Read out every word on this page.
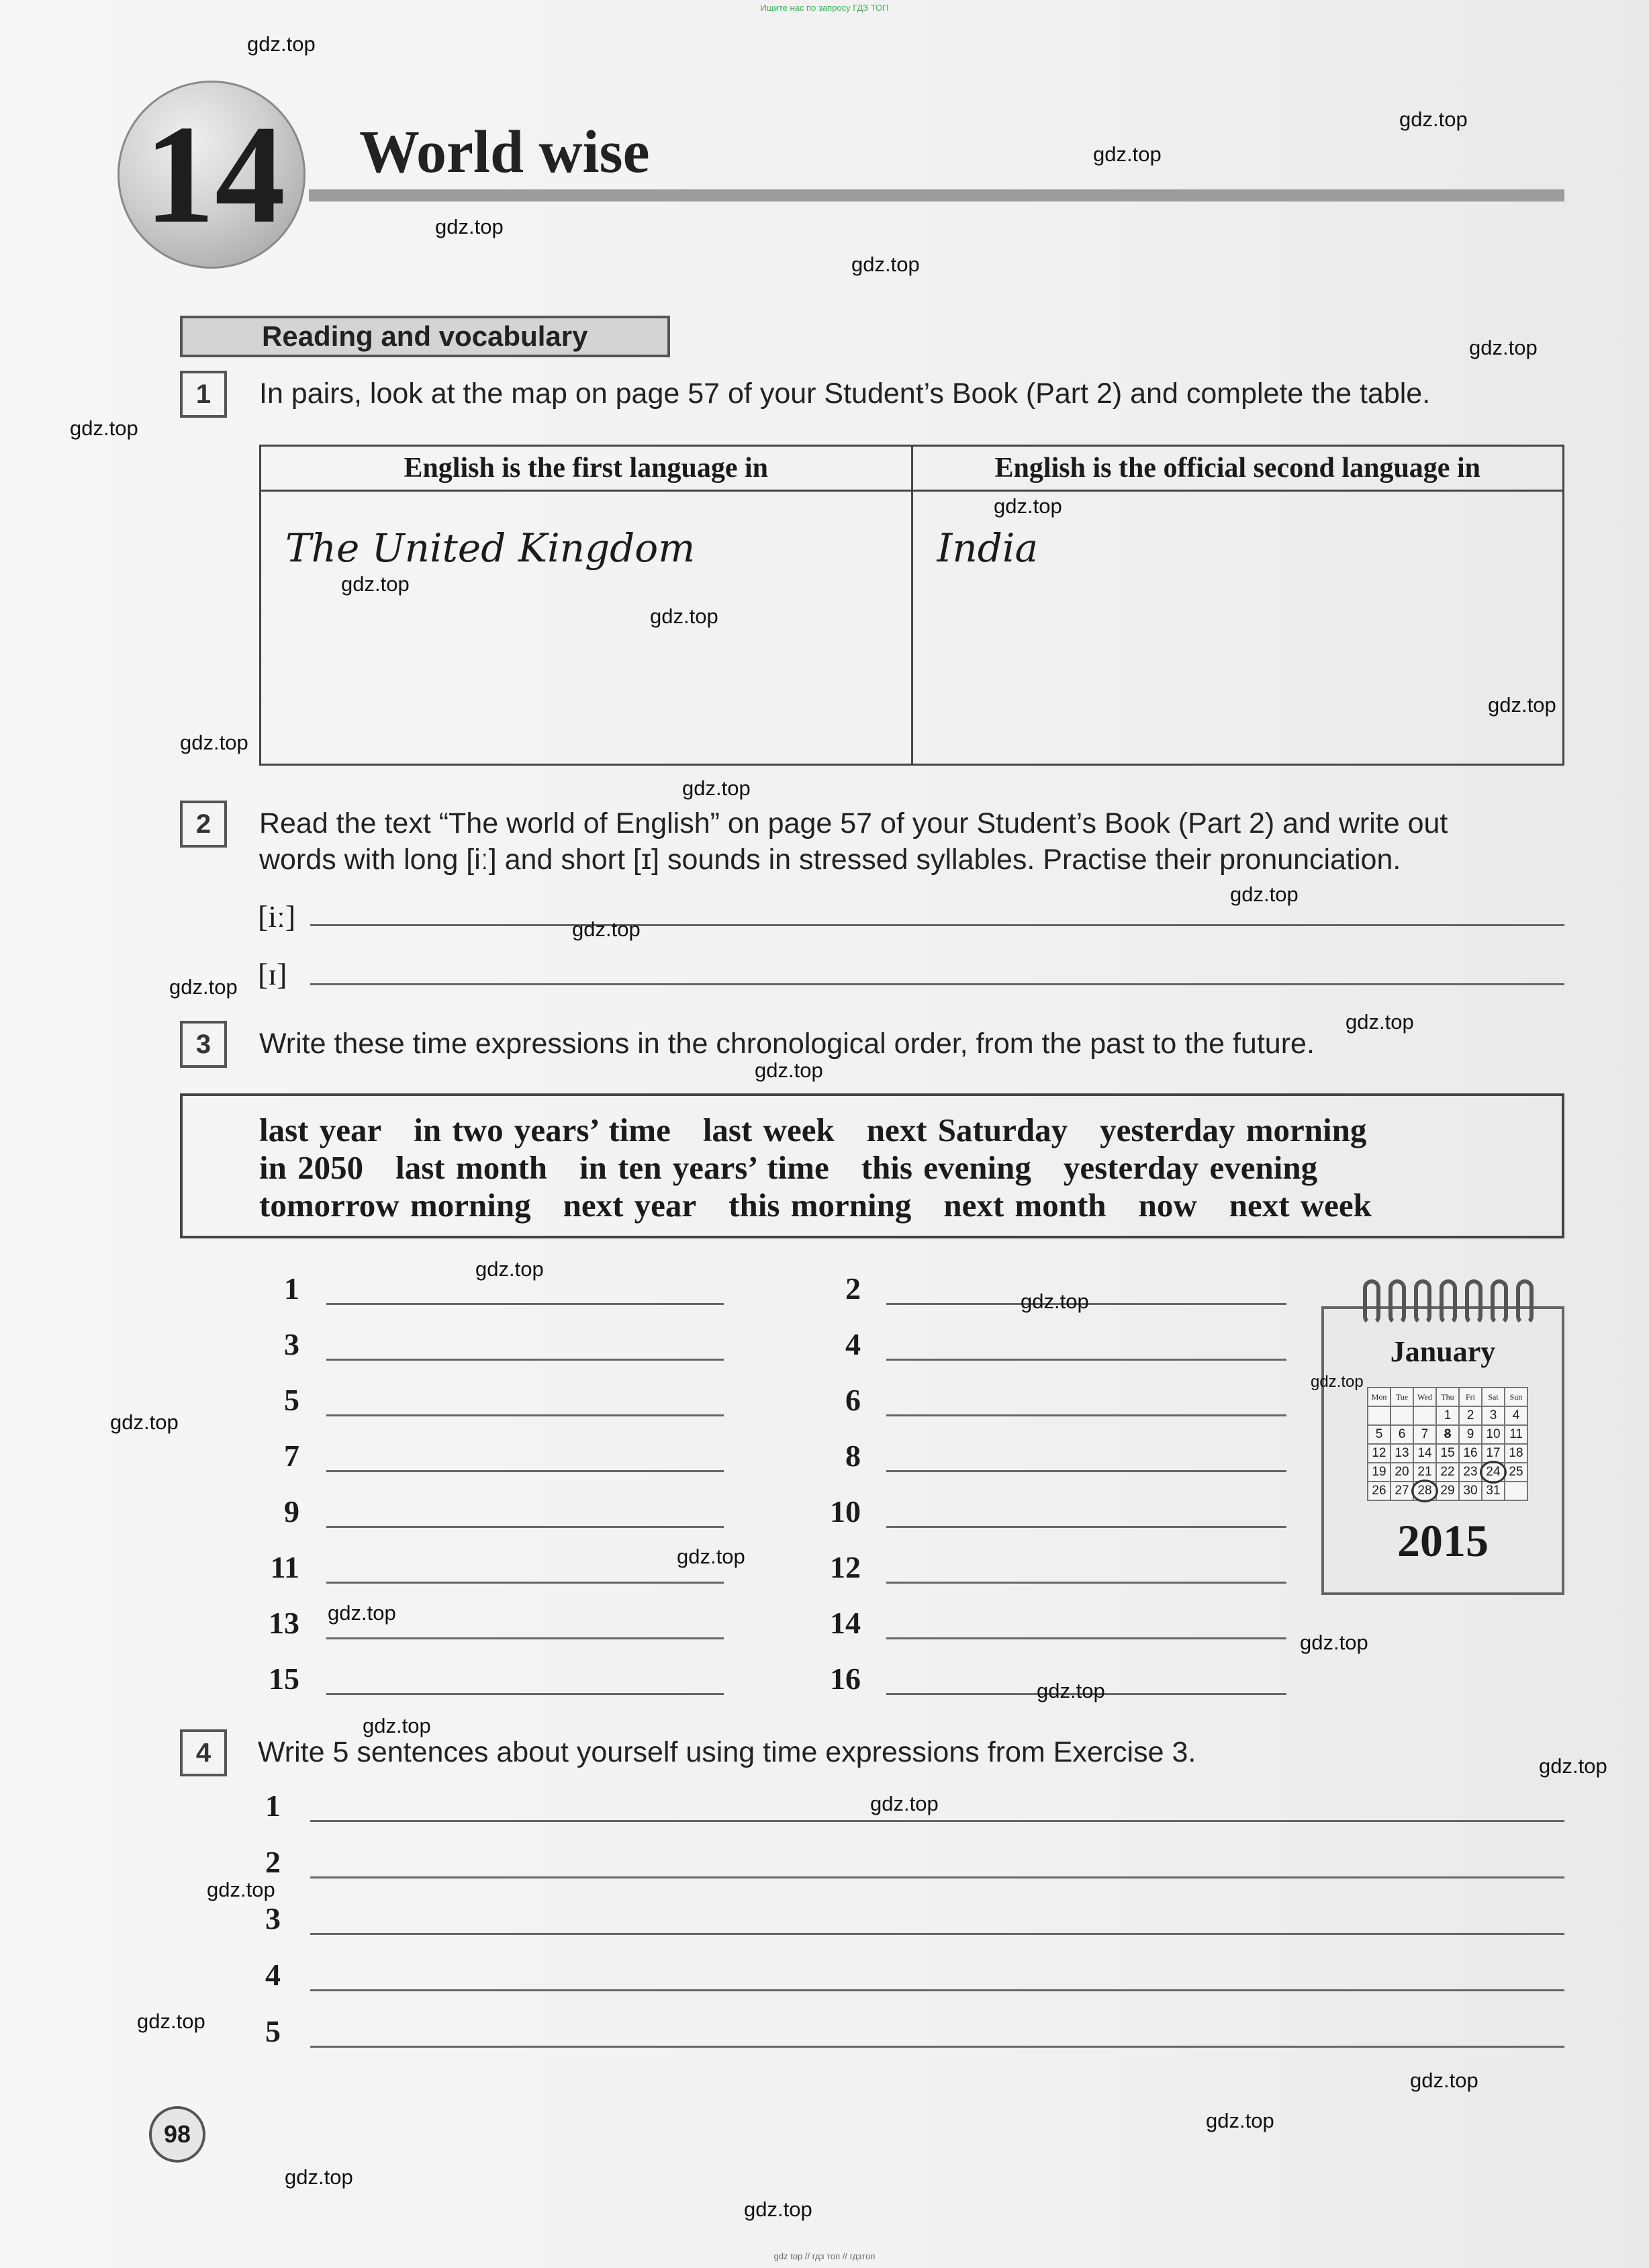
Ищите нас по запросу ГДЗ ТОП
14 World wise
Reading and vocabulary
1	In pairs, look at the map on page 57 of your Student’s Book (Part 2) and complete the table.
English is the first language in	English is the official second language in
The United Kingdom	India
2	Read the text “The world of English” on page 57 of your Student’s Book (Part 2) and write out
words with long [iː] and short [ɪ] sounds in stressed syllables. Practise their pronunciation.
[iː]
[ɪ]
3	Write these time expressions in the chronological order, from the past to the future.
last year in two years’ time last week next Saturday yesterday morning
in 2050 last month in ten years’ time this evening yesterday evening
tomorrow morning next year this morning next month now next week
1
3
5
7
9
11
13
15
2
4
6
8
10
12
14
16
January
Mon	Tue	Wed	Thu	Fri	Sat	Sun
			1	2	3	4
5	6	7	8	9	10	11
12	13	14	15	16	17	18
19	20	21	22	23	24	25
26	27	28	29	30	31	
2015
4	Write 5 sentences about yourself using time expressions from Exercise 3.
1
2
3
4
5
98
gdz.top
gdz.top
gdz.top
gdz.top
gdz.top
gdz.top
gdz.top
gdz.top
gdz.top
gdz.top
gdz.top
gdz.top
gdz.top
gdz.top
gdz.top
gdz.top
gdz.top
gdz.top
gdz.top
gdz.top
gdz.top
gdz.top
gdz.top
gdz.top
gdz.top
gdz.top
gdz.top
gdz.top
gdz.top
gdz.top
gdz.top
gdz.top
gdz.top
gdz.top
gdz.top
gdz top // гдз топ // гдзтоп
